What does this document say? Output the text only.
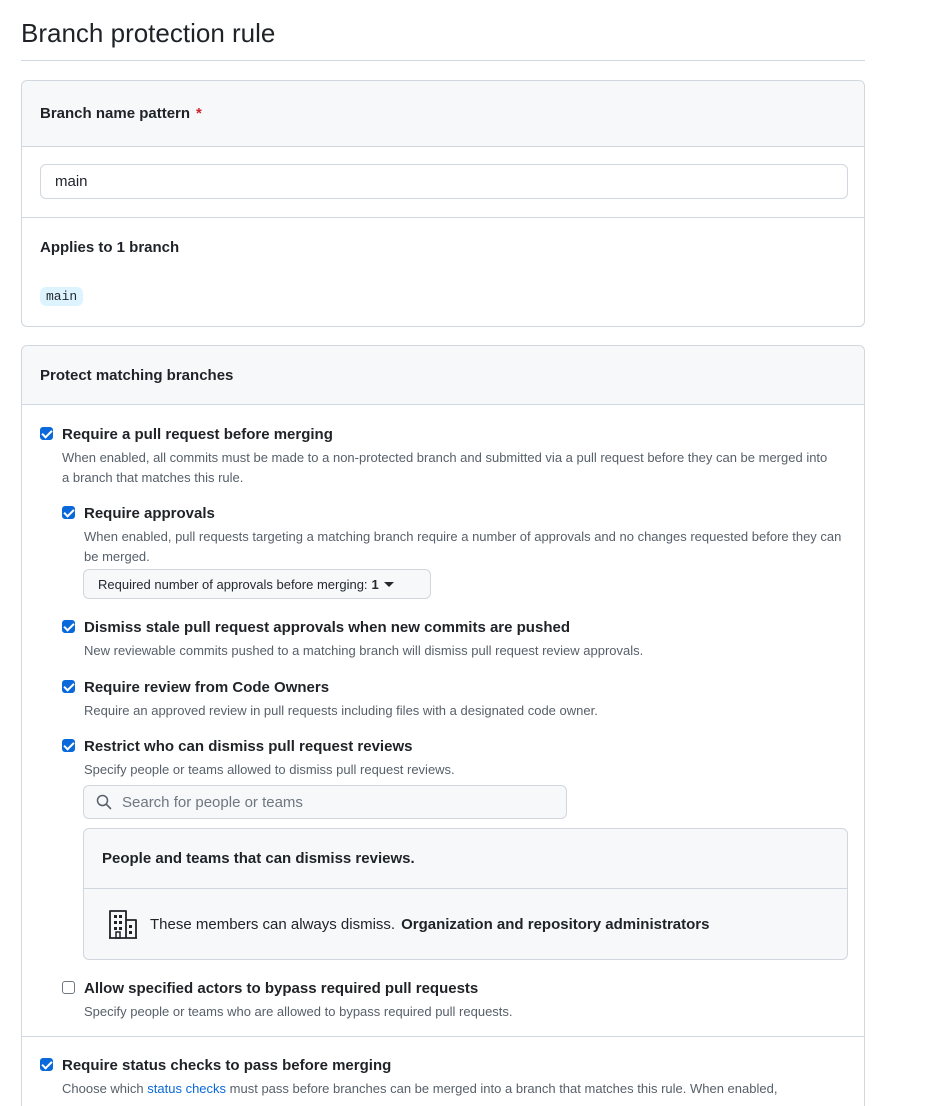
Branch protection rule
Branch name pattern *
main
Applies to 1 branch
main
Protect matching branches
Require a pull request before merging
When enabled, all commits must be made to a non-protected branch and submitted via a pull request before they can be merged into a branch that matches this rule.
Require approvals
When enabled, pull requests targeting a matching branch require a number of approvals and no changes requested before they can be merged.
Required number of approvals before merging: 1
Dismiss stale pull request approvals when new commits are pushed
New reviewable commits pushed to a matching branch will dismiss pull request review approvals.
Require review from Code Owners
Require an approved review in pull requests including files with a designated code owner.
Restrict who can dismiss pull request reviews
Specify people or teams allowed to dismiss pull request reviews.
Search for people or teams
People and teams that can dismiss reviews.
These members can always dismiss. Organization and repository administrators
Allow specified actors to bypass required pull requests
Specify people or teams who are allowed to bypass required pull requests.
Require status checks to pass before merging
Choose which status checks must pass before branches can be merged into a branch that matches this rule. When enabled,
